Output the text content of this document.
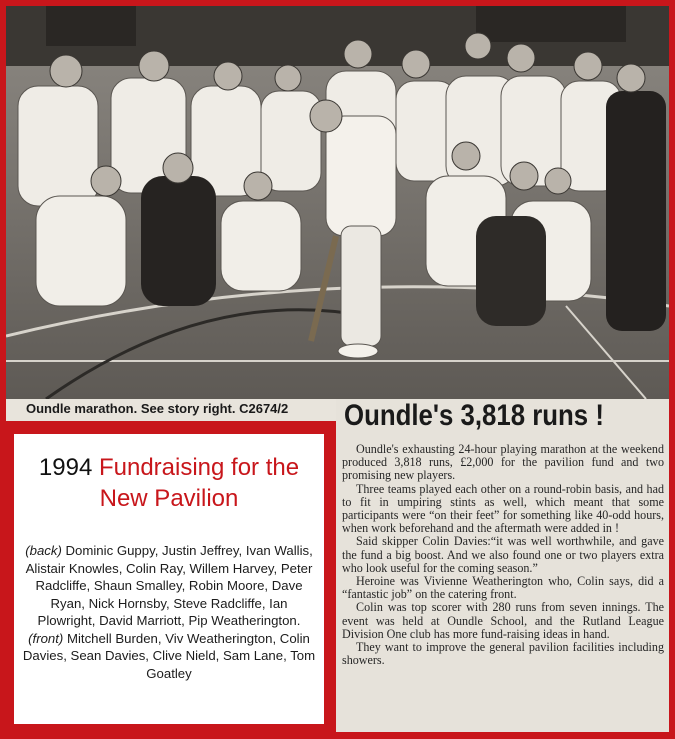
Oundle marathon. See story right. C2674/2
1994 Fundraising for the New Pavilion
(back) Dominic Guppy, Justin Jeffrey, Ivan Wallis, Alistair Knowles, Colin Ray, Willem Harvey, Peter Radcliffe, Shaun Smalley, Robin Moore, Dave Ryan, Nick Hornsby, Steve Radcliffe, Ian Plowright, David Marriott, Pip Weatherington. (front) Mitchell Burden, Viv Weatherington, Colin Davies, Sean Davies, Clive Nield, Sam Lane, Tom Goatley
Oundle's 3,818 runs !

Oundle's exhausting 24-hour playing marathon at the weekend produced 3,818 runs, £2,000 for the pavilion fund and two promising new players.

Three teams played each other on a round-robin basis, and had to fit in umpiring stints as well, which meant that some participants were “on their feet” for something like 40-odd hours, when work beforehand and the aftermath were added in !

Said skipper Colin Davies:“it was well worthwhile, and gave the fund a big boost. And we also found one or two players extra who look useful for the coming season.”

Heroine was Vivienne Weatherington who, Colin says, did a “fantastic job” on the catering front.

Colin was top scorer with 280 runs from seven innings. The event was held at Oundle School, and the Rutland League Division One club has more fund-raising ideas in hand.

They want to improve the general pavilion facilities including showers.
